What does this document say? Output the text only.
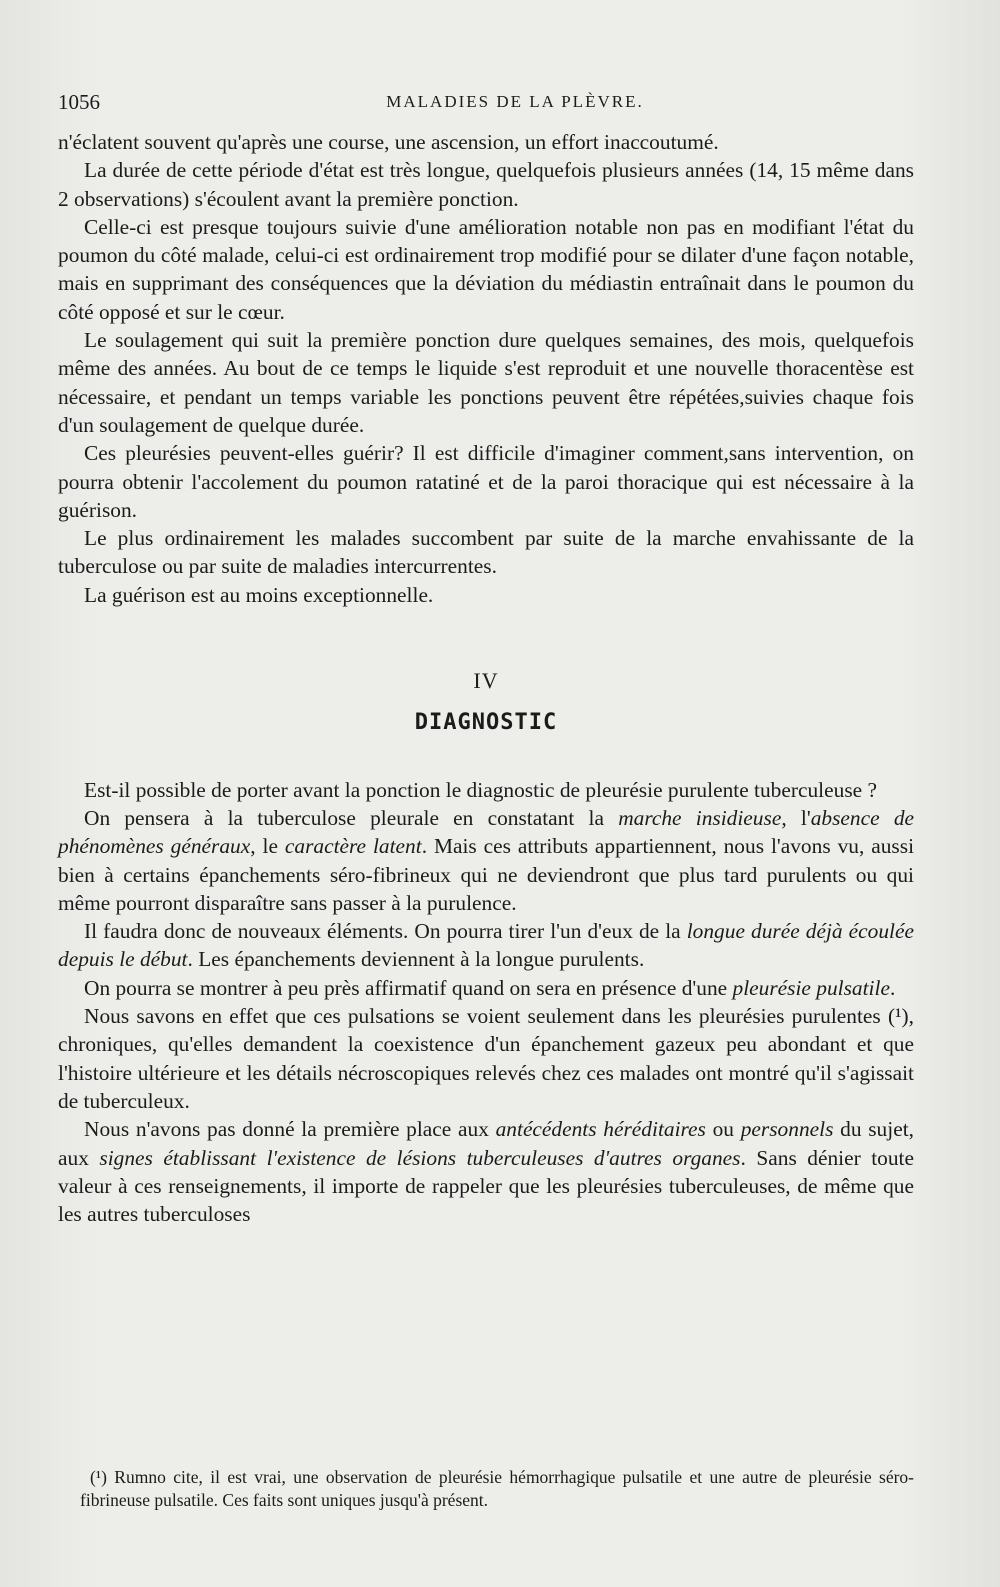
1056	MALADIES DE LA PLÈVRE.

n'éclatent souvent qu'après une course, une ascension, un effort inaccoutumé.

La durée de cette période d'état est très longue, quelquefois plusieurs années (14, 15 même dans 2 observations) s'écoulent avant la première ponction.

Celle-ci est presque toujours suivie d'une amélioration notable non pas en modifiant l'état du poumon du côté malade, celui-ci est ordinairement trop modifié pour se dilater d'une façon notable, mais en supprimant des conséquences que la déviation du médiastin entraînait dans le poumon du côté opposé et sur le cœur.

Le soulagement qui suit la première ponction dure quelques semaines, des mois, quelquefois même des années. Au bout de ce temps le liquide s'est reproduit et une nouvelle thoracentèse est nécessaire, et pendant un temps variable les ponctions peuvent être répétées,suivies chaque fois d'un soulagement de quelque durée.

Ces pleurésies peuvent-elles guérir? Il est difficile d'imaginer comment,sans intervention, on pourra obtenir l'accolement du poumon ratatiné et de la paroi thoracique qui est nécessaire à la guérison.

Le plus ordinairement les malades succombent par suite de la marche envahissante de la tuberculose ou par suite de maladies intercurrentes.

La guérison est au moins exceptionnelle.

IV
DIAGNOSTIC

Est-il possible de porter avant la ponction le diagnostic de pleurésie purulente tuberculeuse ?

On pensera à la tuberculose pleurale en constatant la marche insidieuse, l'absence de phénomènes généraux, le caractère latent. Mais ces attributs appartiennent, nous l'avons vu, aussi bien à certains épanchements séro-fibrineux qui ne deviendront que plus tard purulents ou qui même pourront disparaître sans passer à la purulence.

Il faudra donc de nouveaux éléments. On pourra tirer l'un d'eux de la longue durée déjà écoulée depuis le début. Les épanchements deviennent à la longue purulents.

On pourra se montrer à peu près affirmatif quand on sera en présence d'une pleurésie pulsatile.

Nous savons en effet que ces pulsations se voient seulement dans les pleurésies purulentes (¹), chroniques, qu'elles demandent la coexistence d'un épanchement gazeux peu abondant et que l'histoire ultérieure et les détails nécroscopiques relevés chez ces malades ont montré qu'il s'agissait de tuberculeux.

Nous n'avons pas donné la première place aux antécédents héréditaires ou personnels du sujet, aux signes établissant l'existence de lésions tuberculeuses d'autres organes. Sans dénier toute valeur à ces renseignements, il importe de rappeler que les pleurésies tuberculeuses, de même que les autres tuberculoses

(¹) Rumno cite, il est vrai, une observation de pleurésie hémorrhagique pulsatile et une autre de pleurésie séro-fibrineuse pulsatile. Ces faits sont uniques jusqu'à présent.
